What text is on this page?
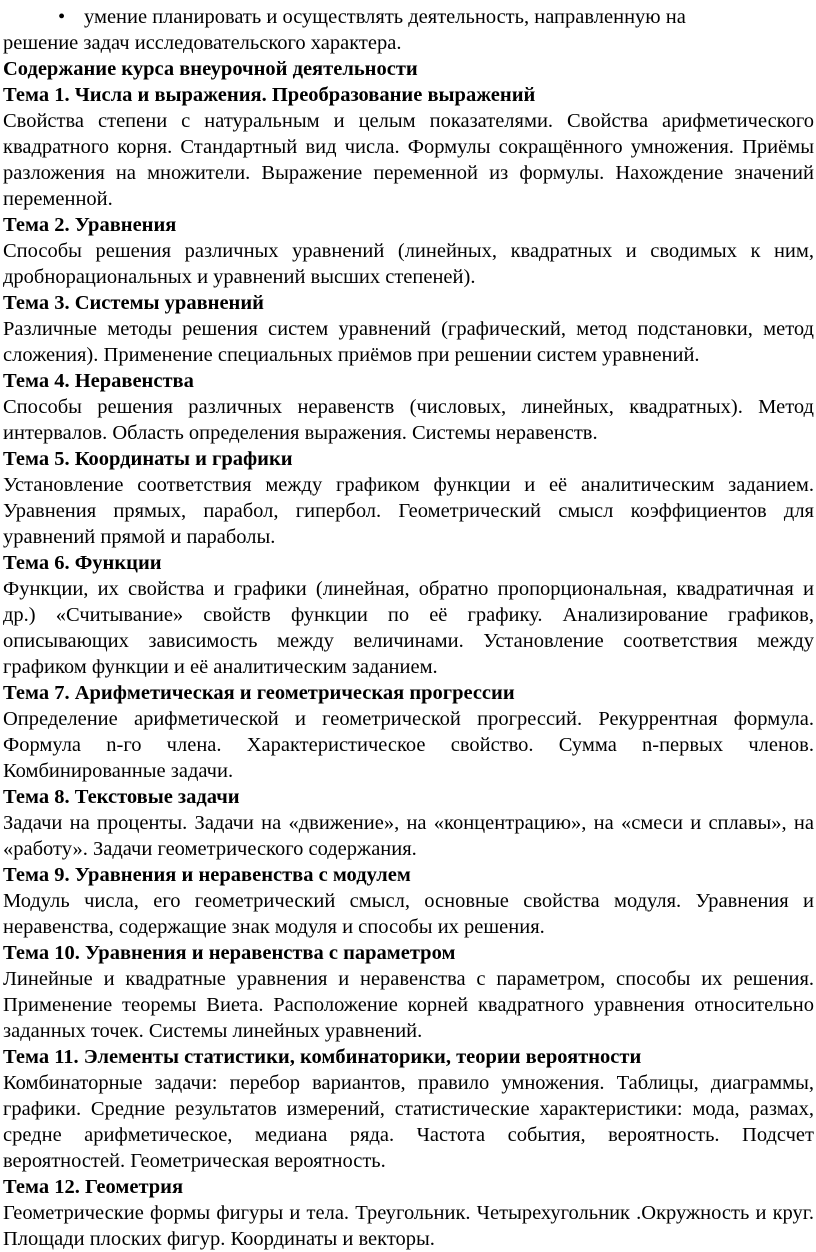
• умение планировать и осуществлять деятельность, направленную на
решение задач исследовательского характера.
Содержание курса внеурочной деятельности
Тема 1. Числа и выражения. Преобразование выражений
Свойства степени с натуральным и целым показателями. Свойства арифметического квадратного корня. Стандартный вид числа. Формулы сокращённого умножения. Приёмы разложения на множители. Выражение переменной из формулы. Нахождение значений переменной.
Тема 2. Уравнения
Способы решения различных уравнений (линейных, квадратных и сводимых к ним, дробнорациональных и уравнений высших степеней).
Тема 3. Системы уравнений
Различные методы решения систем уравнений (графический, метод подстановки, метод сложения). Применение специальных приёмов при решении систем уравнений.
Тема 4. Неравенства
Способы решения различных неравенств (числовых, линейных, квадратных). Метод интервалов. Область определения выражения. Системы неравенств.
Тема 5. Координаты и графики
Установление соответствия между графиком функции и её аналитическим заданием. Уравнения прямых, парабол, гипербол. Геометрический смысл коэффициентов для уравнений прямой и параболы.
Тема 6. Функции
Функции, их свойства и графики (линейная, обратно пропорциональная, квадратичная и др.) «Считывание» свойств функции по её графику. Анализирование графиков, описывающих зависимость между величинами. Установление соответствия между графиком функции и её аналитическим заданием.
Тема 7. Арифметическая и геометрическая прогрессии
Определение арифметической и геометрической прогрессий. Рекуррентная формула. Формула n-го члена. Характеристическое свойство. Сумма n-первых членов. Комбинированные задачи.
Тема 8. Текстовые задачи
Задачи на проценты. Задачи на «движение», на «концентрацию», на «смеси и сплавы», на «работу». Задачи геометрического содержания.
Тема 9. Уравнения и неравенства с модулем
Модуль числа, его геометрический смысл, основные свойства модуля. Уравнения и неравенства, содержащие знак модуля и способы их решения.
Тема 10. Уравнения и неравенства с параметром
Линейные и квадратные уравнения и неравенства с параметром, способы их решения. Применение теоремы Виета. Расположение корней квадратного уравнения относительно заданных точек. Системы линейных уравнений.
Тема 11. Элементы статистики, комбинаторики, теории вероятности
Комбинаторные задачи: перебор вариантов, правило умножения. Таблицы, диаграммы, графики. Средние результатов измерений, статистические характеристики: мода, размах, средне арифметическое, медиана ряда. Частота события, вероятность. Подсчет вероятностей. Геометрическая вероятность.
Тема 12. Геометрия
Геометрические формы фигуры и тела. Треугольник. Четырехугольник .Окружность и круг. Площади плоских фигур. Координаты и векторы.
